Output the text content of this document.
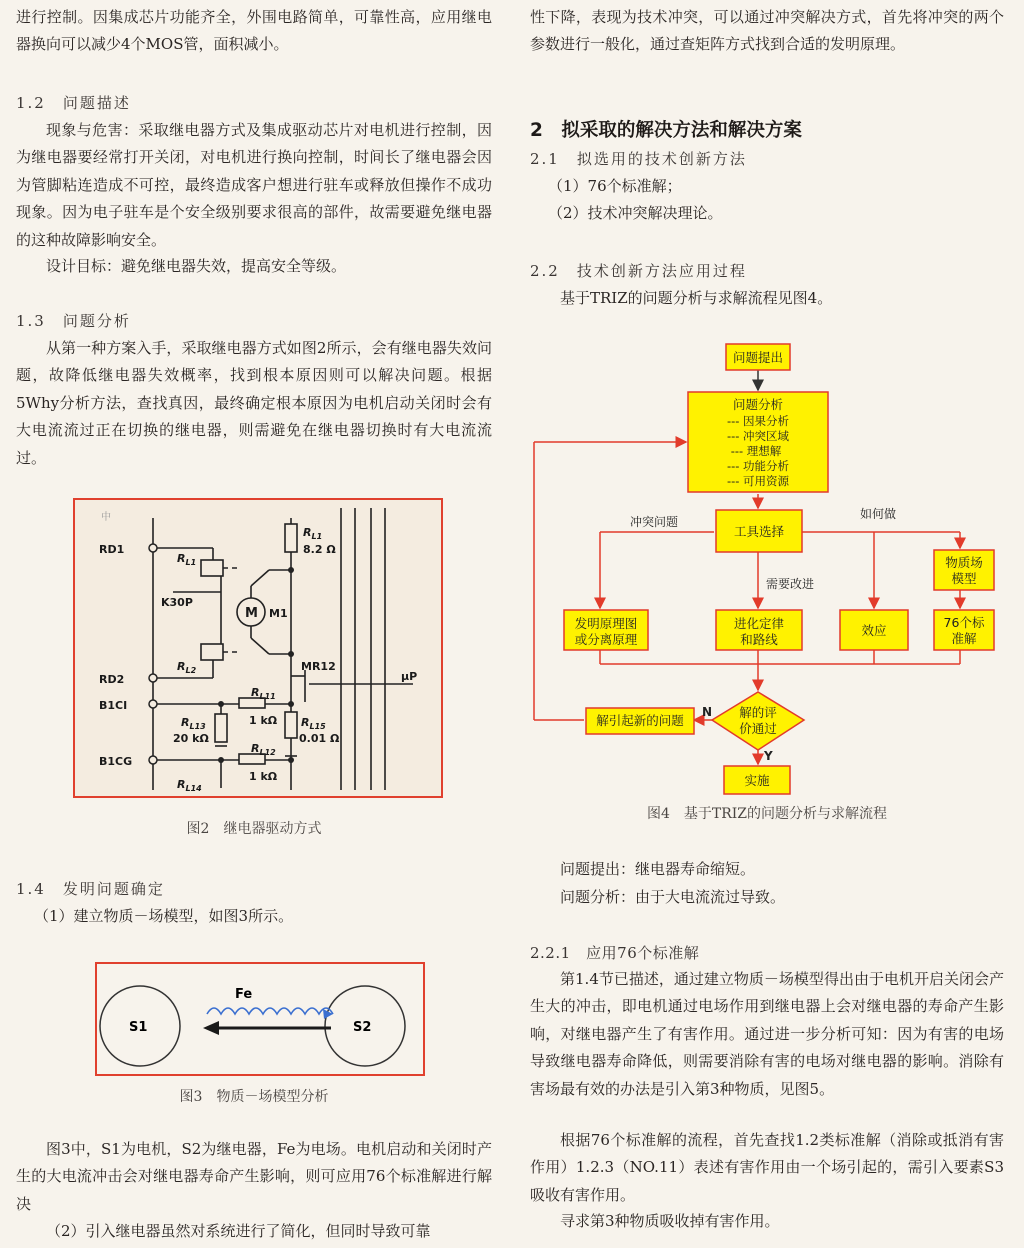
进行控制。因集成芯片功能齐全，外围电路简单，可靠性高，应用继电器换向可以减少4个MOS管，面积减小。

1.2　问题描述

现象与危害：采取继电器方式及集成驱动芯片对电机进行控制，因为继电器要经常打开关闭，对电机进行换向控制，时间长了继电器会因为管脚粘连造成不可控，最终造成客户想进行驻车或释放但操作不成功现象。因为电子驻车是个安全级别要求很高的部件，故需要避免继电器的这种故障影响安全。

设计目标：避免继电器失效，提高安全等级。

1.3　问题分析

从第一种方案入手，采取继电器方式如图2所示，会有继电器失效问题，故降低继电器失效概率，找到根本原因则可以解决问题。根据5Why分析方法，查找真因，最终确定根本原因为电机启动关闭时会有大电流流过正在切换的继电器，则需避免在继电器切换时有大电流流过。

中
RD1
RD2
K30P
B1CI
B1CG
M M1
MR12
μP
$R_{L1}$
8.2 Ω
$R_{L1}$
$R_{L2}$
$R_{L11}$
1 kΩ
$R_{L13}$
20 kΩ
$R_{L15}$
0.01 Ω
$R_{L12}$
1 kΩ
$R_{L14}$
图2　继电器驱动方式

1.4　发明问题确定

（1）建立物质－场模型，如图3所示。

S1	S2
Fe
图3　物质－场模型分析

图3中，S1为电机，S2为继电器，Fe为电场。电机启动和关闭时产生的大电流冲击会对继电器寿命产生影响，则可应用76个标准解进行解决

（2）引入继电器虽然对系统进行了简化，但同时导致可靠

性下降，表现为技术冲突，可以通过冲突解决方式，首先将冲突的两个参数进行一般化，通过查矩阵方式找到合适的发明原理。

2　拟采取的解决方法和解决方案

2.1　拟选用的技术创新方法

（1）76个标准解；

（2）技术冲突解决理论。

2.2　技术创新方法应用过程

基于TRIZ的问题分析与求解流程见图4。

问题提出
问题分析
--- 因果分析
--- 冲突区域
--- 理想解
--- 功能分析
--- 可用资源
工具选择
发明原理图
或分离原理
进化定律
和路线
效应
物质场
模型
76个标
准解
解引起新的问题
解的评
价通过
实施
冲突问题
如何做
需要改进
N
Y
图4　基于TRIZ的问题分析与求解流程

问题提出：继电器寿命缩短。

问题分析：由于大电流流过导致。

2.2.1　应用76个标准解

第1.4节已描述，通过建立物质－场模型得出由于电机开启关闭会产生大的冲击，即电机通过电场作用到继电器上会对继电器的寿命产生影响，对继电器产生了有害作用。通过进一步分析可知：因为有害的电场导致继电器寿命降低，则需要消除有害的电场对继电器的影响。消除有害场最有效的办法是引入第3种物质，见图5。

根据76个标准解的流程，首先查找1.2类标准解（消除或抵消有害作用）1.2.3（NO.11）表述有害作用由一个场引起的，需引入要素S3吸收有害作用。

寻求第3种物质吸收掉有害作用。
